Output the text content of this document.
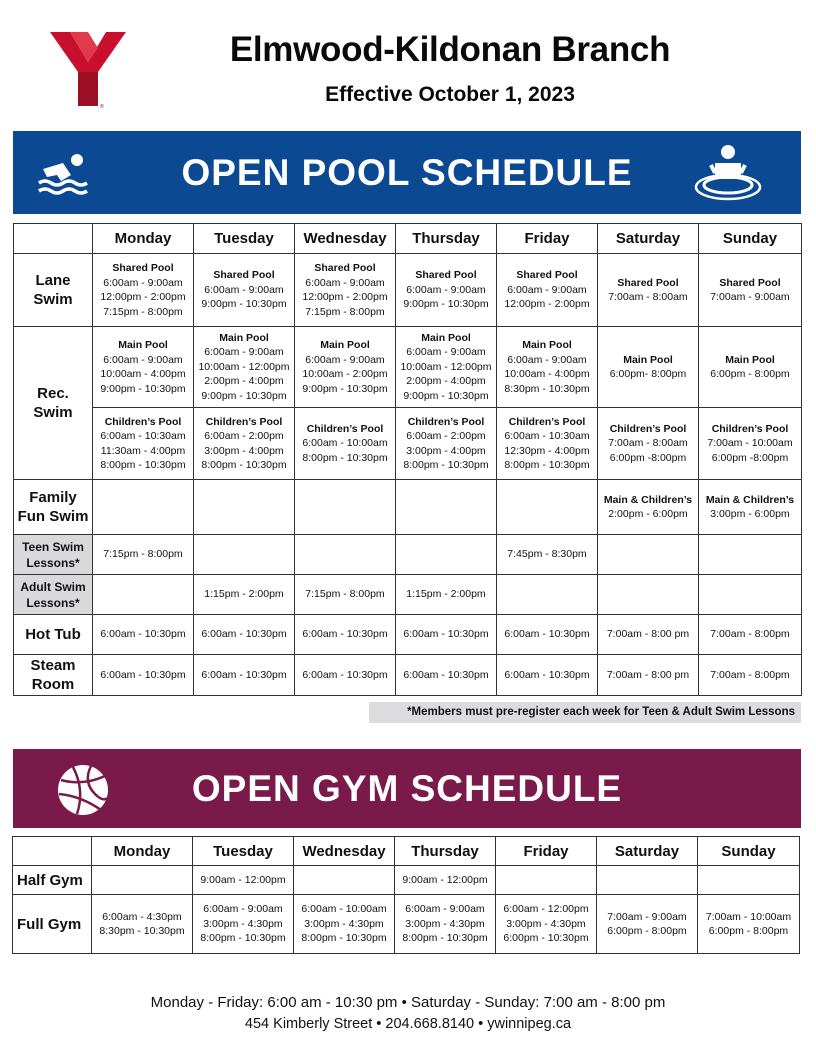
®
Elmwood-Kildonan Branch
Effective October 1, 2023
OPEN POOL SCHEDULE
	Monday	Tuesday	Wednesday	Thursday	Friday	Saturday	Sunday

Lane
Swim	Shared Pool
6:00am - 9:00am
12:00pm - 2:00pm
7:15pm - 8:00pm	Shared Pool
6:00am - 9:00am
9:00pm - 10:30pm	Shared Pool
6:00am - 9:00am
12:00pm - 2:00pm
7:15pm - 8:00pm	Shared Pool
6:00am - 9:00am
9:00pm - 10:30pm	Shared Pool
6:00am - 9:00am
12:00pm - 2:00pm	Shared Pool
7:00am - 8:00am	Shared Pool
7:00am - 9:00am

Rec.
Swim	Main Pool
6:00am - 9:00am
10:00am - 4:00pm
9:00pm - 10:30pm	Main Pool
6:00am - 9:00am
10:00am - 12:00pm
2:00pm - 4:00pm
9:00pm - 10:30pm	Main Pool
6:00am - 9:00am
10:00am - 2:00pm
9:00pm - 10:30pm	Main Pool
6:00am - 9:00am
10:00am - 12:00pm
2:00pm - 4:00pm
9:00pm - 10:30pm	Main Pool
6:00am - 9:00am
10:00am - 4:00pm
8:30pm - 10:30pm	Main Pool
6:00pm- 8:00pm	Main Pool
6:00pm - 8:00pm

	Children’s Pool
6:00am - 10:30am
11:30am - 4:00pm
8:00pm - 10:30pm	Children’s Pool
6:00am - 2:00pm
3:00pm - 4:00pm
8:00pm - 10:30pm	Children’s Pool
6:00am - 10:00am
8:00pm - 10:30pm	Children’s Pool
6:00am - 2:00pm
3:00pm - 4:00pm
8:00pm - 10:30pm	Children’s Pool
6:00am - 10:30am
12:30pm - 4:00pm
8:00pm - 10:30pm	Children’s Pool
7:00am - 8:00am
6:00pm -8:00pm	Children’s Pool
7:00am - 10:00am
6:00pm -8:00pm

Family
Fun Swim						Main & Children’s
2:00pm - 6:00pm	Main & Children’s
3:00pm - 6:00pm

Teen Swim
Lessons*	7:15pm - 8:00pm				7:45pm - 8:30pm		

Adult Swim
Lessons*		1:15pm - 2:00pm	7:15pm - 8:00pm	1:15pm - 2:00pm			
Hot Tub	6:00am - 10:30pm	6:00am - 10:30pm	6:00am - 10:30pm	6:00am - 10:30pm	6:00am - 10:30pm	7:00am - 8:00 pm	7:00am - 8:00pm

Steam
Room	6:00am - 10:30pm	6:00am - 10:30pm	6:00am - 10:30pm	6:00am - 10:30pm	6:00am - 10:30pm	7:00am - 8:00 pm	7:00am - 8:00pm
*Members must pre-register each week for Teen & Adult Swim Lessons
OPEN GYM SCHEDULE
	Monday	Tuesday	Wednesday	Thursday	Friday	Saturday	Sunday
Half Gym		9:00am - 12:00pm		9:00am - 12:00pm			

Full Gym	6:00am - 4:30pm
8:30pm - 10:30pm	6:00am - 9:00am
3:00pm - 4:30pm
8:00pm - 10:30pm	6:00am - 10:00am
3:00pm - 4:30pm
8:00pm - 10:30pm	6:00am - 9:00am
3:00pm - 4:30pm
8:00pm - 10:30pm	6:00am - 12:00pm
3:00pm - 4:30pm
6:00pm - 10:30pm	7:00am - 9:00am
6:00pm - 8:00pm	7:00am - 10:00am
6:00pm - 8:00pm
Monday - Friday: 6:00 am - 10:30 pm • Saturday - Sunday: 7:00 am - 8:00 pm
454 Kimberly Street • 204.668.8140 • ywinnipeg.ca
